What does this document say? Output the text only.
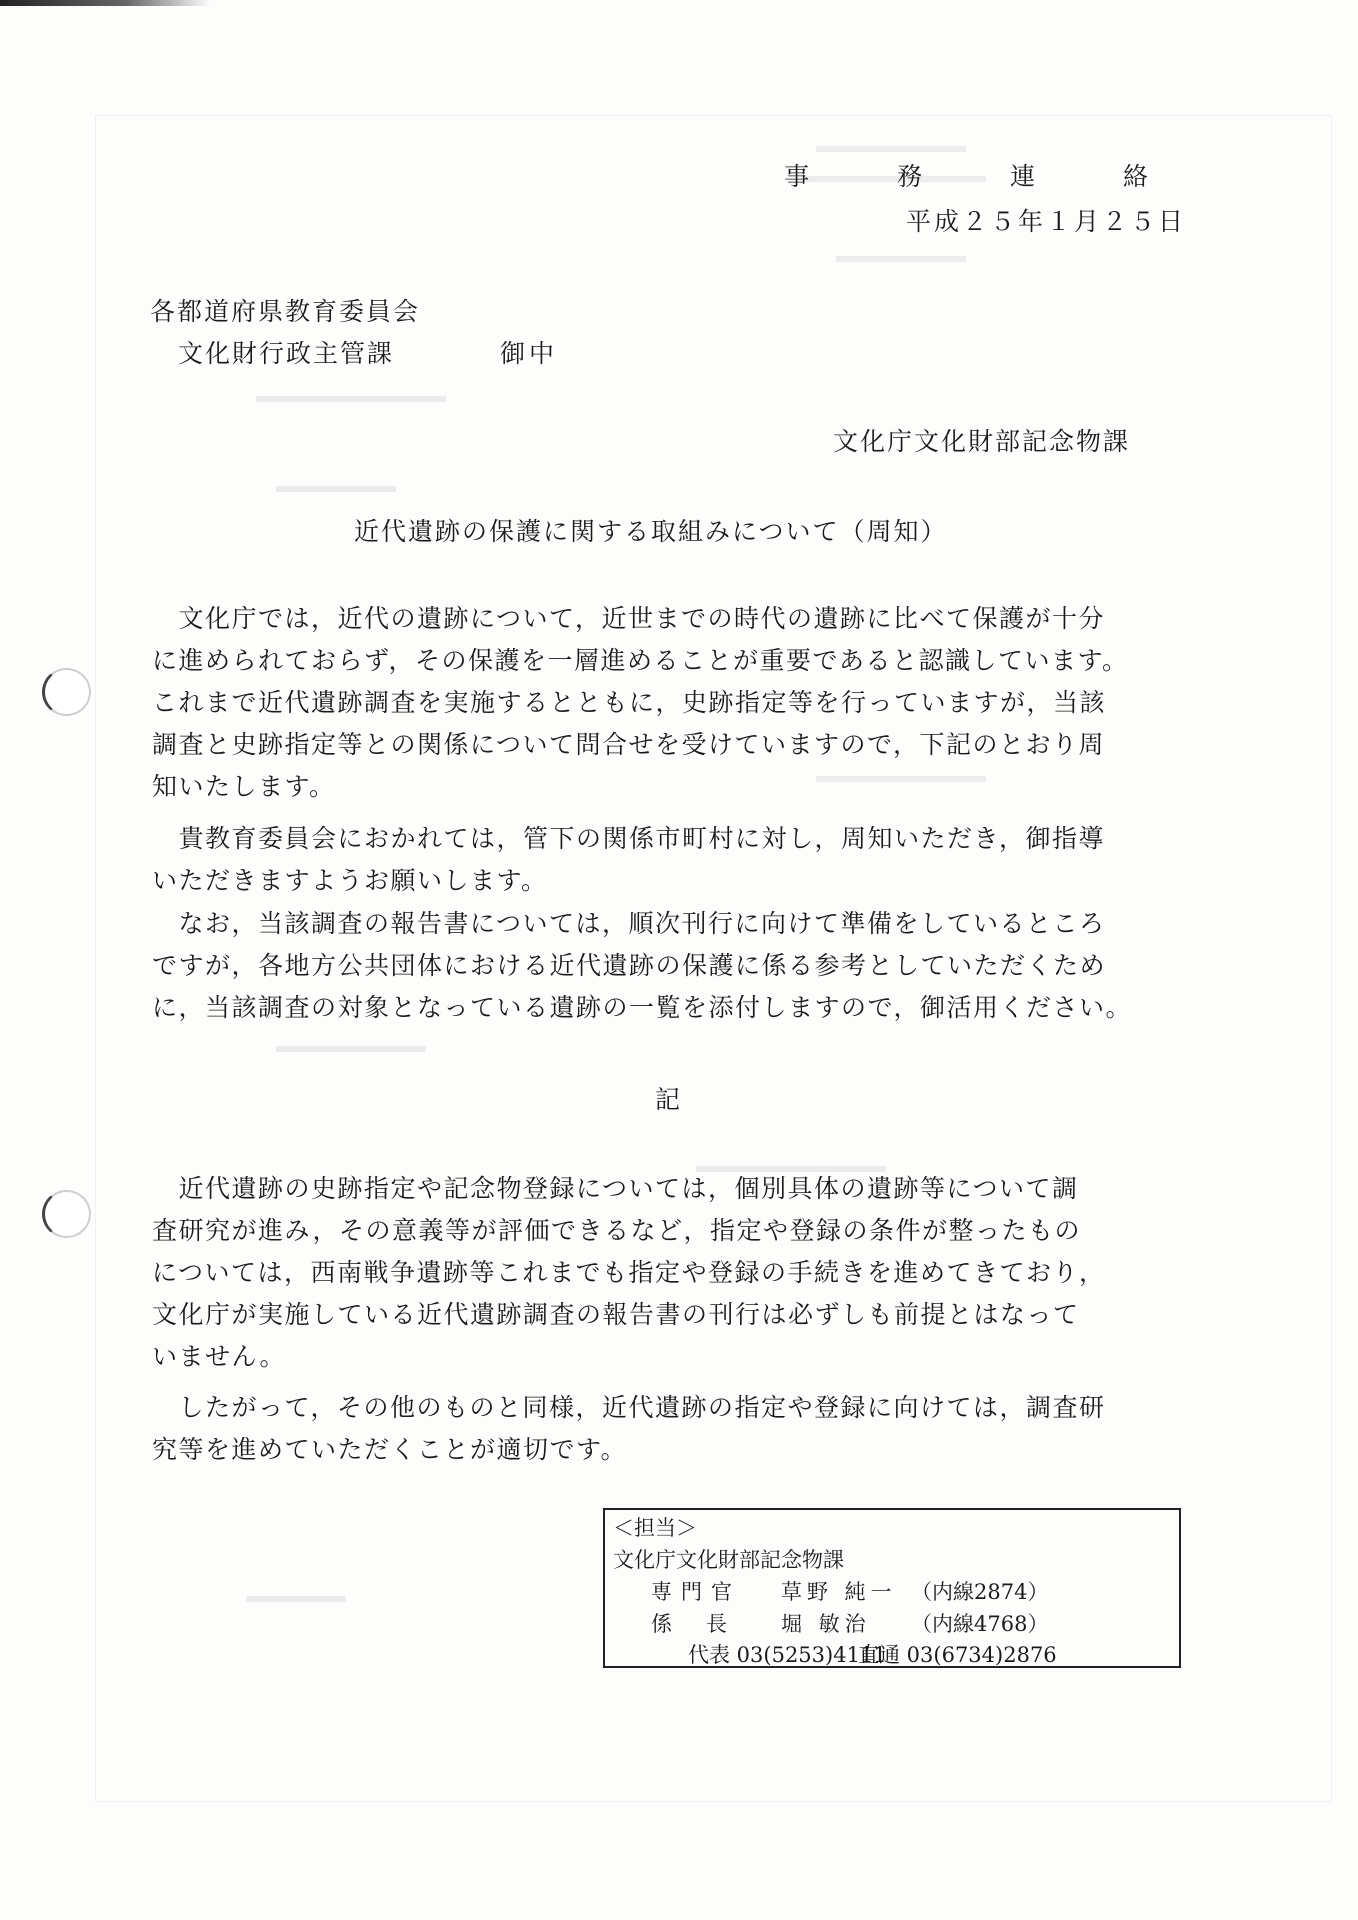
事 務 連 絡
平成２５年１月２５日
各都道府県教育委員会
文化財行政主管課	御中
文化庁文化財部記念物課
近代遺跡の保護に関する取組みについて（周知）
　文化庁では，近代の遺跡について，近世までの時代の遺跡に比べて保護が十分
に進められておらず，その保護を一層進めることが重要であると認識しています。
これまで近代遺跡調査を実施するとともに，史跡指定等を行っていますが，当該
調査と史跡指定等との関係について問合せを受けていますので，下記のとおり周
知いたします。
　貴教育委員会におかれては，管下の関係市町村に対し，周知いただき，御指導
いただきますようお願いします。
　なお，当該調査の報告書については，順次刊行に向けて準備をしているところ
ですが，各地方公共団体における近代遺跡の保護に係る参考としていただくため
に，当該調査の対象となっている遺跡の一覧を添付しますので，御活用ください。
記
　近代遺跡の史跡指定や記念物登録については，個別具体の遺跡等について調
査研究が進み，その意義等が評価できるなど，指定や登録の条件が整ったもの
については，西南戦争遺跡等これまでも指定や登録の手続きを進めてきており，
文化庁が実施している近代遺跡調査の報告書の刊行は必ずしも前提とはなって
いません。
　したがって，その他のものと同様，近代遺跡の指定や登録に向けては，調査研
究等を進めていただくことが適切です。
＜担当＞
文化庁文化財部記念物課
専門官 草野 純一 （内線2874）
係長 堀 敏治 （内線4768）
代表 03(5253)4111直通 03(6734)2876
